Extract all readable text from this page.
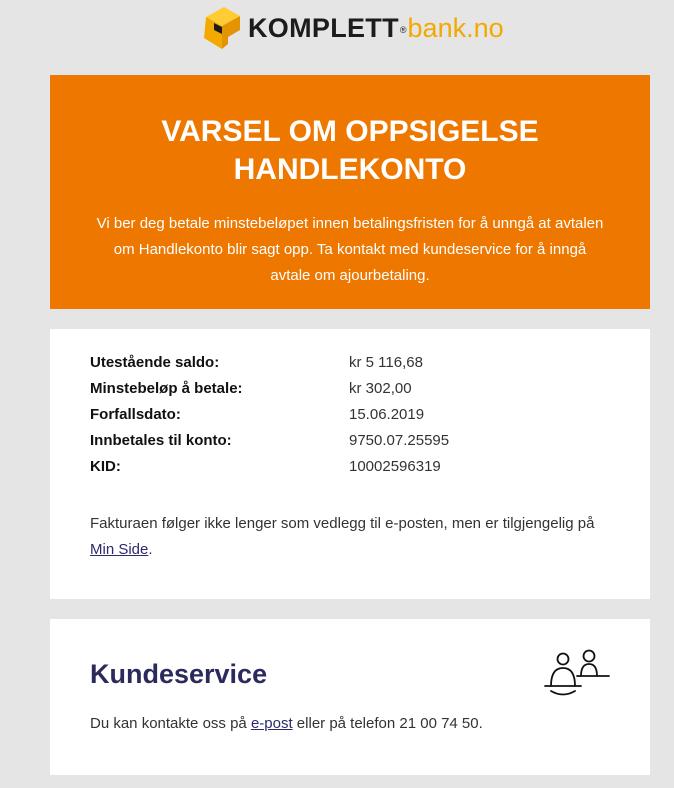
KOMPLETT ® bank.no
VARSEL OM OPPSIGELSE HANDLEKONTO

Vi ber deg betale minstebeløpet innen betalingsfristen for å unngå at avtalen om Handlekonto blir sagt opp. Ta kontakt med kundeservice for å inngå avtale om ajourbetaling.

Utestående saldo:	kr 5 116,68
Minstebeløp å betale:	kr 302,00
Forfallsdato:	15.06.2019
Innbetales til konto:	9750.07.25595
KID:	10002596319

Fakturaen følger ikke lenger som vedlegg til e-posten, men er tilgjengelig på Min Side.

Kundeservice

Du kan kontakte oss på e-post eller på telefon 21 00 74 50.
